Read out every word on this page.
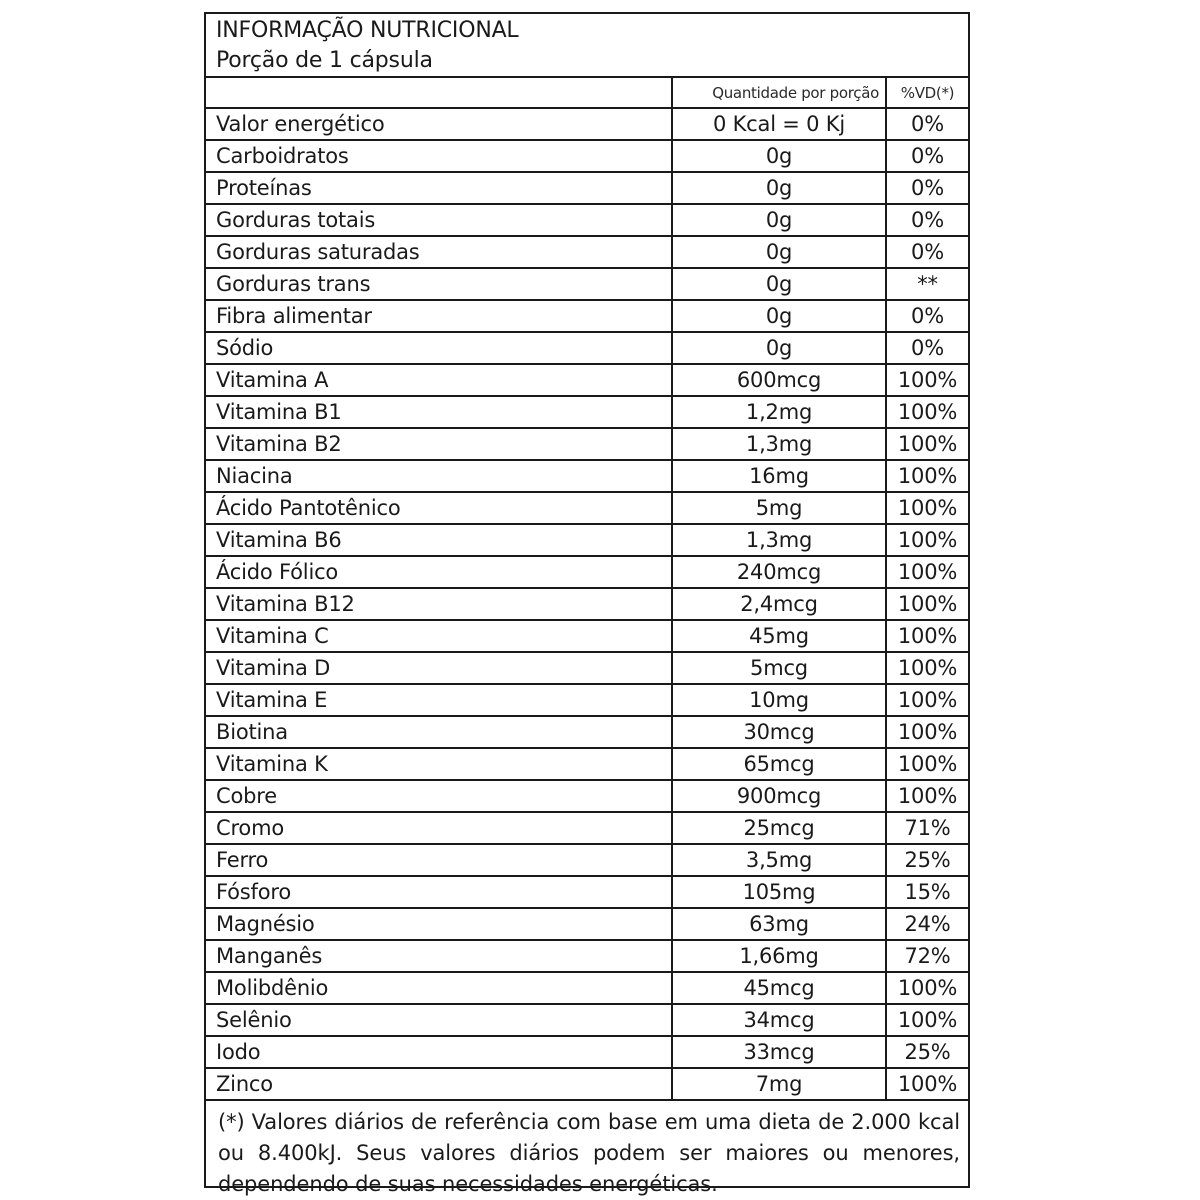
INFORMAÇÃO NUTRICIONAL
Porção de 1 cápsula
	Quantidade por porção	%VD(*)
Valor energético	0 Kcal = 0 Kj	0%
Carboidratos	0g	0%
Proteínas	0g	0%
Gorduras totais	0g	0%
Gorduras saturadas	0g	0%
Gorduras trans	0g	**
Fibra alimentar	0g	0%
Sódio	0g	0%
Vitamina A	600mcg	100%
Vitamina B1	1,2mg	100%
Vitamina B2	1,3mg	100%
Niacina	16mg	100%
Ácido Pantotênico	5mg	100%
Vitamina B6	1,3mg	100%
Ácido Fólico	240mcg	100%
Vitamina B12	2,4mcg	100%
Vitamina C	45mg	100%
Vitamina D	5mcg	100%
Vitamina E	10mg	100%
Biotina	30mcg	100%
Vitamina K	65mcg	100%
Cobre	900mcg	100%
Cromo	25mcg	71%
Ferro	3,5mg	25%
Fósforo	105mg	15%
Magnésio	63mg	24%
Manganês	1,66mg	72%
Molibdênio	45mcg	100%
Selênio	34mcg	100%
Iodo	33mcg	25%
Zinco	7mg	100%
(*) Valores diários de referência com base em uma dieta de 2.000 kcal ou 8.400kJ. Seus valores diários podem ser maiores ou menores, dependendo de suas necessidades energéticas.
